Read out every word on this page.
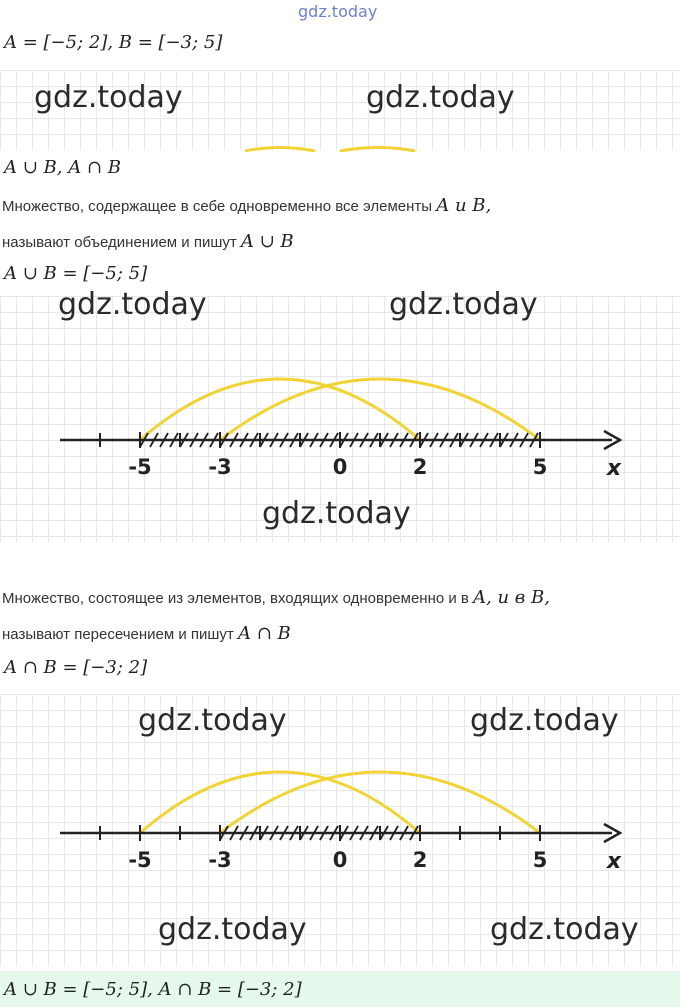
gdz.today
A = [−5; 2], B = [−3; 5]
gdz.today	gdz.today
A ∪ B, A ∩ B
Множество, содержащее в себе одновременно все элементы A и B,
называют объединением и пишут A ∪ B
A ∪ B = [−5; 5]
gdz.today	gdz.today
-5	-3	0	2	5	x
gdz.today
Множество, состоящее из элементов, входящих одновременно и в A, и в B,
называют пересечением и пишут A ∩ B
A ∩ B = [−3; 2]
gdz.today	gdz.today
-5	-3	0	2	5	x
gdz.today	gdz.today
A ∪ B = [−5; 5], A ∩ B = [−3; 2]
